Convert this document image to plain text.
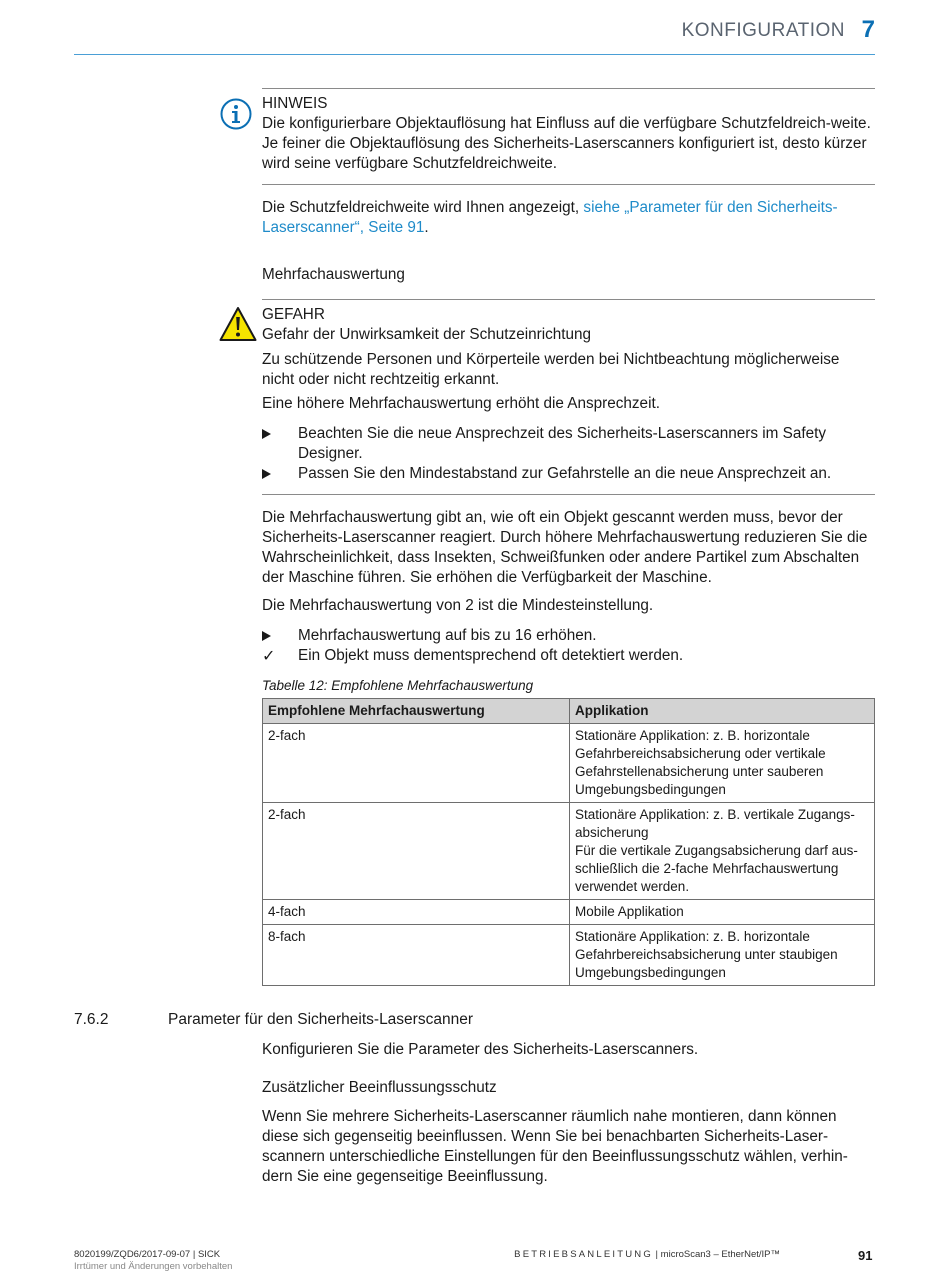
KONFIGURATION 7

HINWEIS

Die konfigurierbare Objektauflösung hat Einfluss auf die verfügbare Schutzfeldreich-weite. Je feiner die Objektauflösung des Sicherheits-Laserscanners konfiguriert ist, desto kürzer wird seine verfügbare Schutzfeldreichweite.

Die Schutzfeldreichweite wird Ihnen angezeigt, siehe „Parameter für den Sicherheits-Laserscanner“, Seite 91.

Mehrfachauswertung

GEFAHR

Gefahr der Unwirksamkeit der Schutzeinrichtung

Zu schützende Personen und Körperteile werden bei Nichtbeachtung möglicherweise nicht oder nicht rechtzeitig erkannt.

Eine höhere Mehrfachauswertung erhöht die Ansprechzeit.

Beachten Sie die neue Ansprechzeit des Sicherheits-Laserscanners im Safety Designer.
Passen Sie den Mindestabstand zur Gefahrstelle an die neue Ansprechzeit an.

Die Mehrfachauswertung gibt an, wie oft ein Objekt gescannt werden muss, bevor der Sicherheits-Laserscanner reagiert. Durch höhere Mehrfachauswertung reduzieren Sie die Wahrscheinlichkeit, dass Insekten, Schweißfunken oder andere Partikel zum Abschalten der Maschine führen. Sie erhöhen die Verfügbarkeit der Maschine.

Die Mehrfachauswertung von 2 ist die Mindesteinstellung.

Mehrfachauswertung auf bis zu 16 erhöhen.
✓	Ein Objekt muss dementsprechend oft detektiert werden.

Tabelle 12: Empfohlene Mehrfachauswertung

Empfohlene Mehrfachauswertung	Applikation
2-fach	Stationäre Applikation: z. B. horizontale Gefahrbereichsabsicherung oder vertikale Gefahrstellenabsicherung unter sauberen Umgebungsbedingungen
2-fach	Stationäre Applikation: z. B. vertikale Zugangs-absicherung
Für die vertikale Zugangsabsicherung darf aus-schließlich die 2-fache Mehrfachauswertung verwendet werden.
4-fach	Mobile Applikation
8-fach	Stationäre Applikation: z. B. horizontale Gefahrbereichsabsicherung unter staubigen Umgebungsbedingungen
7.6.2	Parameter für den Sicherheits-Laserscanner

Konfigurieren Sie die Parameter des Sicherheits-Laserscanners.

Zusätzlicher Beeinflussungsschutz

Wenn Sie mehrere Sicherheits-Laserscanner räumlich nahe montieren, dann können diese sich gegenseitig beeinflussen. Wenn Sie bei benachbarten Sicherheits-Laser-scannern unterschiedliche Einstellungen für den Beeinflussungsschutz wählen, verhin-dern Sie eine gegenseitige Beeinflussung.

8020199/ZQD6/2017-09-07 | SICK
Irrtümer und Änderungen vorbehalten
BETRIEBSANLEITUNG | microScan3 – EtherNet/IP™	91
